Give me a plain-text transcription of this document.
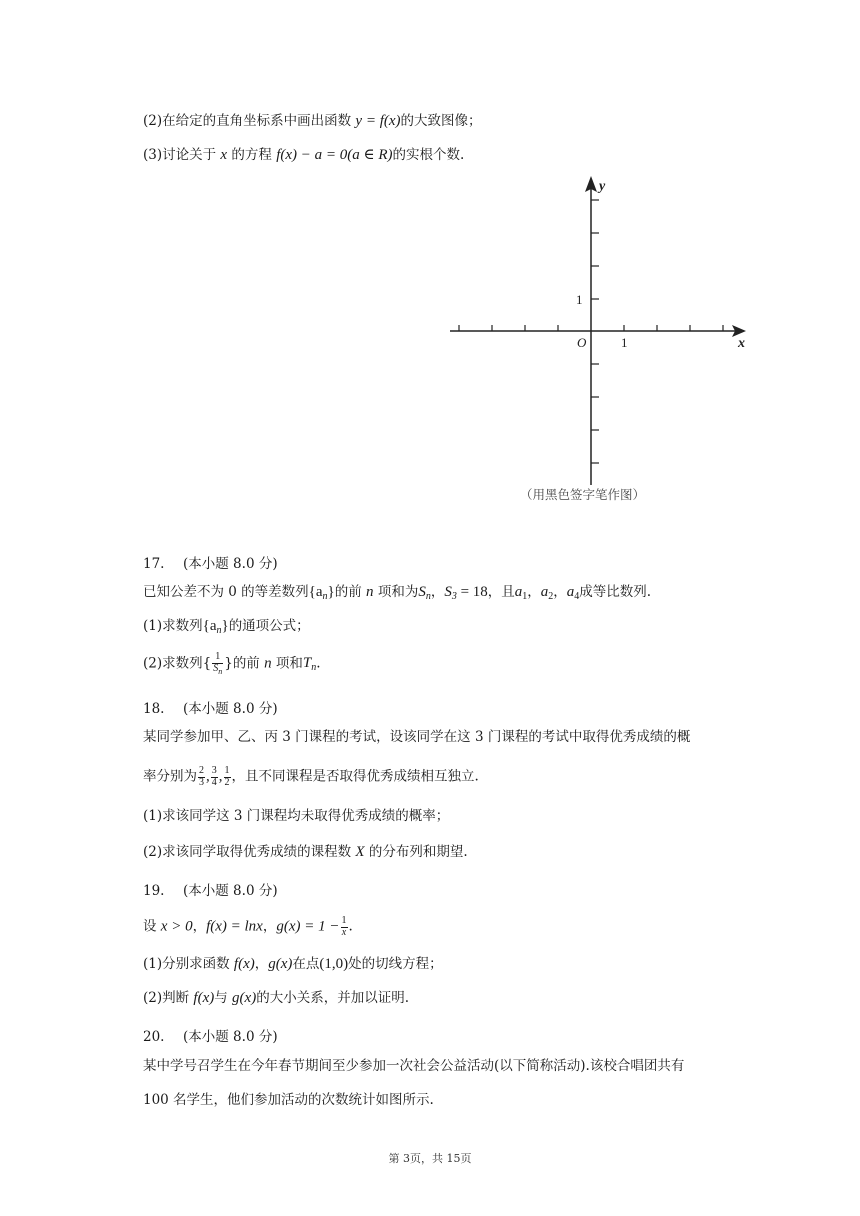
(2)在给定的直角坐标系中画出函数 y = f(x)的大致图像；
(3)讨论关于 x 的方程 f(x) − a = 0(a ∈ R)的实根个数.
y
x
O	1
1
（用黑色签字笔作图）
17. (本小题 8.0 分)
已知公差不为 0 的等差数列$\{a_n\}$的前 n 项和为$S_n$，$S_3 = 18$，且$a_1$，$a_2$，$a_4$成等比数列.
(1)求数列$\{a_n\}$的通项公式；
(2)求数列{ $\frac{1}{S_n}$ }的前 n 项和$T_n$.
18. (本小题 8.0 分)
某同学参加甲、乙、丙 3 门课程的考试，设该同学在这 3 门课程的考试中取得优秀成绩的概
率分别为 $\frac{2}{3}$ , $\frac{3}{4}$ , $\frac{1}{2}$ ，且不同课程是否取得优秀成绩相互独立.
(1)求该同学这 3 门课程均未取得优秀成绩的概率；
(2)求该同学取得优秀成绩的课程数 X 的分布列和期望.
19. (本小题 8.0 分)
设 x > 0，f(x) = lnx，$g(x) = 1 - \frac{1}{x}$ .
(1)分别求函数 f(x)，g(x)在点(1,0)处的切线方程；
(2)判断 f(x)与 g(x)的大小关系，并加以证明.
20. (本小题 8.0 分)
某中学号召学生在今年春节期间至少参加一次社会公益活动(以下简称活动).该校合唱团共有
100 名学生，他们参加活动的次数统计如图所示.
第 3页，共 15页
